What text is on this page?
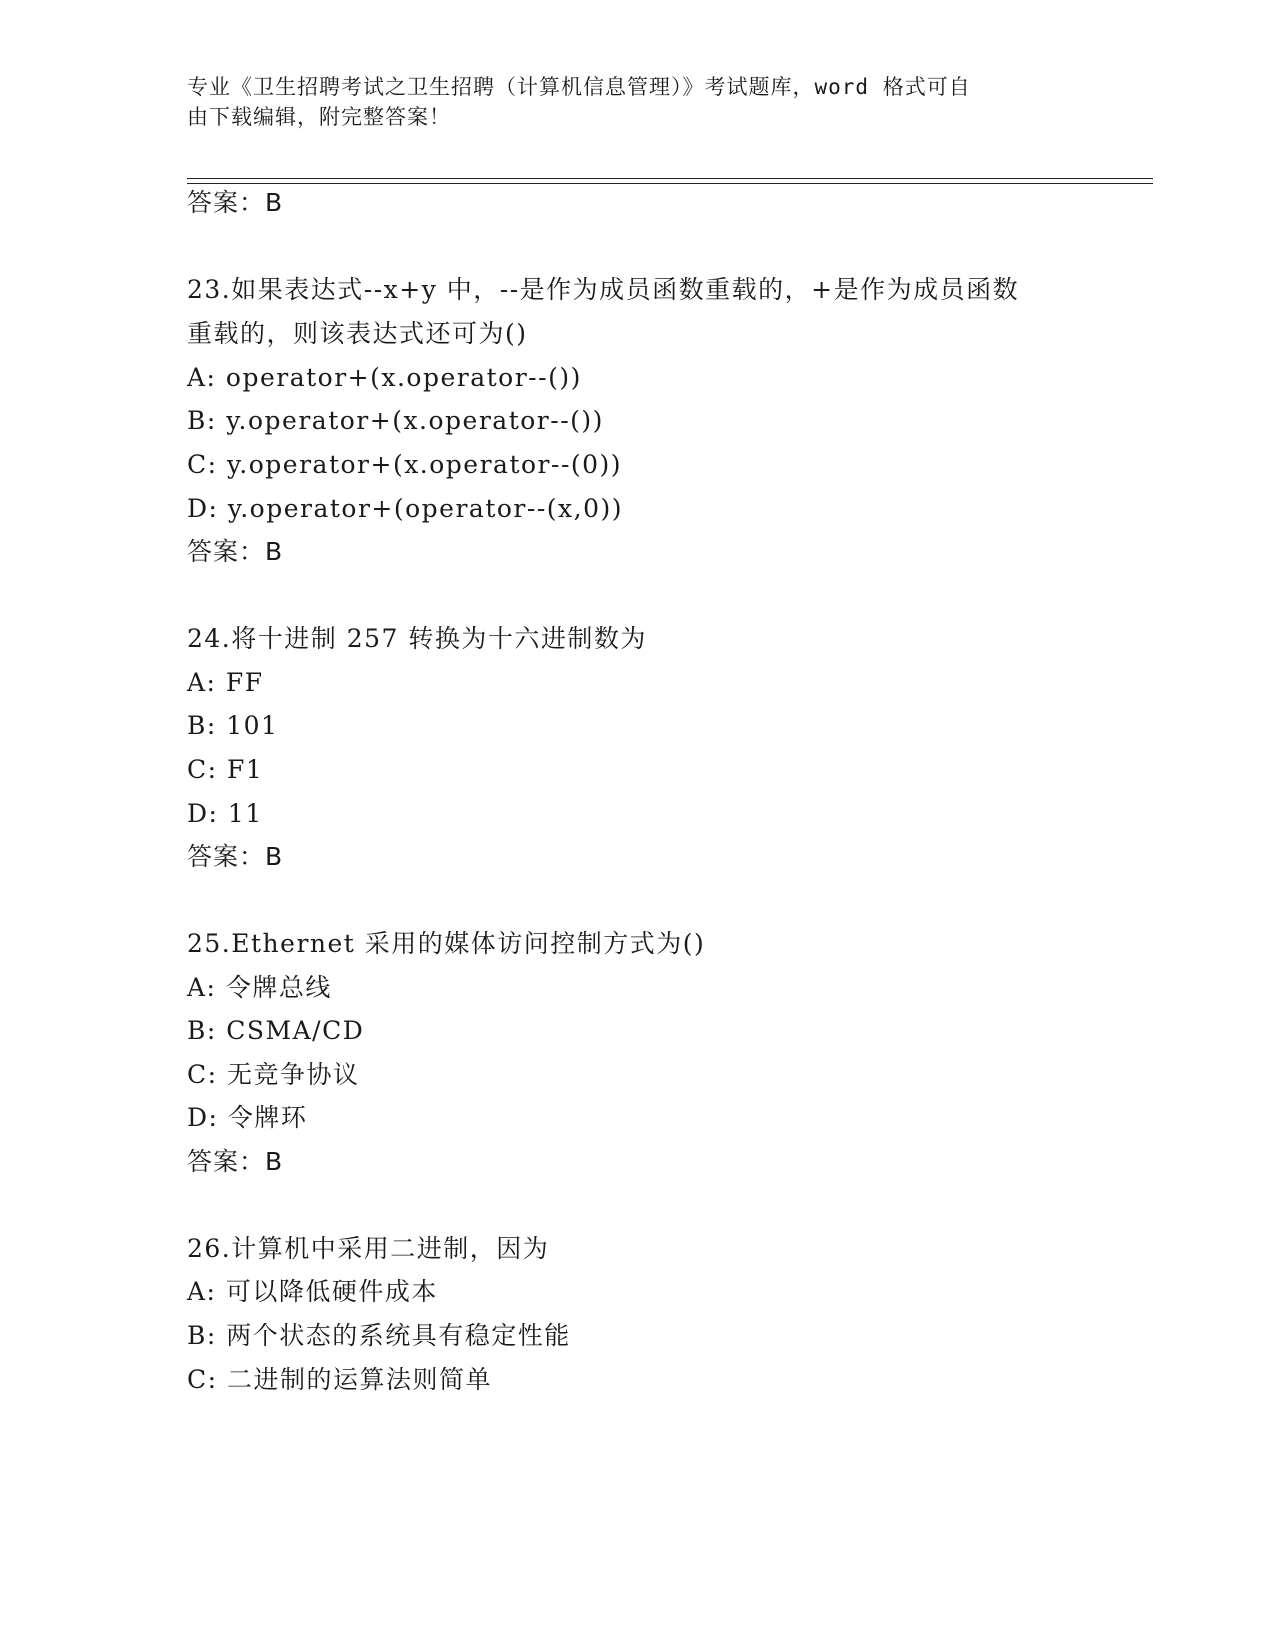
专业《卫生招聘考试之卫生招聘（计算机信息管理）》考试题库，word 格式可自
由下载编辑，附完整答案！
答案：B
23.如果表达式--x+y 中，--是作为成员函数重载的，+是作为成员函数
重载的，则该表达式还可为()
A: operator+(x.operator--())
B: y.operator+(x.operator--())
C: y.operator+(x.operator--(0))
D: y.operator+(operator--(x,0))
答案：B
24.将十进制 257 转换为十六进制数为
A: FF
B: 101
C: F1
D: 11
答案：B
25.Ethernet 采用的媒体访问控制方式为()
A: 令牌总线
B: CSMA/CD
C: 无竞争协议
D: 令牌环
答案：B
26.计算机中采用二进制，因为
A: 可以降低硬件成本
B: 两个状态的系统具有稳定性能
C: 二进制的运算法则简单
